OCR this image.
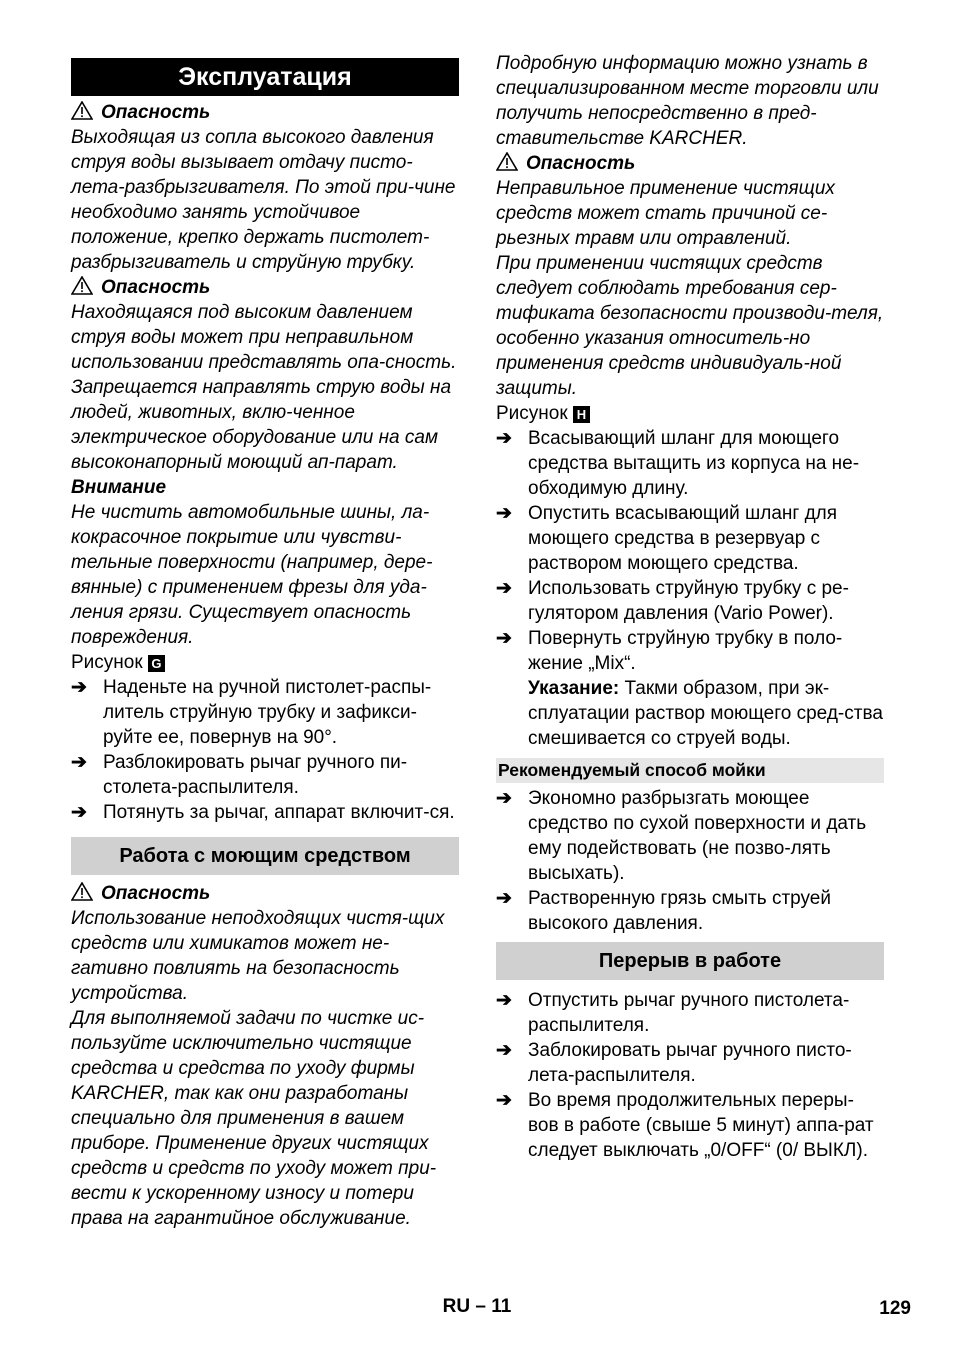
Эксплуатация
Опасность

Выходящая из сопла высокого давления струя воды вызывает отдачу писто-лета-разбрызгивателя. По этой при-чине необходимо занять устойчивое положение, крепко держать пистолет-разбрызгиватель и струйную трубку.

Опасность

Находящаяся под высоким давлением струя воды может при неправильном использовании представлять опа-сность. Запрещается направлять струю воды на людей, животных, вклю-ченное электрическое оборудование или на сам высоконапорный моющий ап-парат.

Внимание

Не чистить автомобильные шины, ла-кокрасочное покрытие или чувстви-тельные поверхности (например, дере-вянные) с применением фрезы для уда-ления грязи. Существует опасность повреждения.

Рисунок G

➔ Наденьте на ручной пистолет-распы-литель струйную трубку и зафикси-руйте ее, повернув на 90°.
➔ Разблокировать рычаг ручного пи-столета-распылителя.
➔ Потянуть за рычаг, аппарат включит-ся.
Работа с моющим средством
Опасность

Использование неподходящих чистя-щих средств или химикатов может не-гативно повлиять на безопасность устройства.

Для выполняемой задачи по чистке ис-пользуйте исключительно чистящие средства и средства по уходу фирмы KARCHER, так как они разработаны специально для применения в вашем приборе. Применение других чистящих средств и средств по уходу может при-вести к ускоренному износу и потери права на гарантийное обслуживание.

Подробную информацию можно узнать в специализированном месте торговли или получить непосредственно в пред-ставительстве KARCHER.

Опасность

Неправильное применение чистящих средств может стать причиной се-рьезных травм или отравлений.

При применении чистящих средств следует соблюдать требования сер-тификата безопасности производи-теля, особенно указания относитель-но применения средств индивидуаль-ной защиты.

Рисунок H

➔ Всасывающий шланг для моющего средства вытащить из корпуса на не-обходимую длину.
➔ Опустить всасывающий шланг для моющего средства в резервуар с раствором моющего средства.
➔ Использовать струйную трубку с ре-гулятором давления (Vario Power).
➔ Повернуть струйную трубку в поло-жение „Mix“.

Указание: Такми образом, при эк-сплуатации раствор моющего сред-ства смешивается со струей воды.

Рекомендуемый способ мойки
➔ Экономно разбрызгать моющее средство по сухой поверхности и дать ему подействовать (не позво-лять высыхать).
➔ Растворенную грязь смыть струей высокого давления.
Перерыв в работе
➔ Отпустить рычаг ручного пистолета-распылителя.
➔ Заблокировать рычаг ручного писто-лета-распылителя.
➔ Во время продолжительных переры-вов в работе (свыше 5 минут) аппа-рат следует выключать „0/OFF“ (0/ ВЫКЛ).
RU – 11	129
